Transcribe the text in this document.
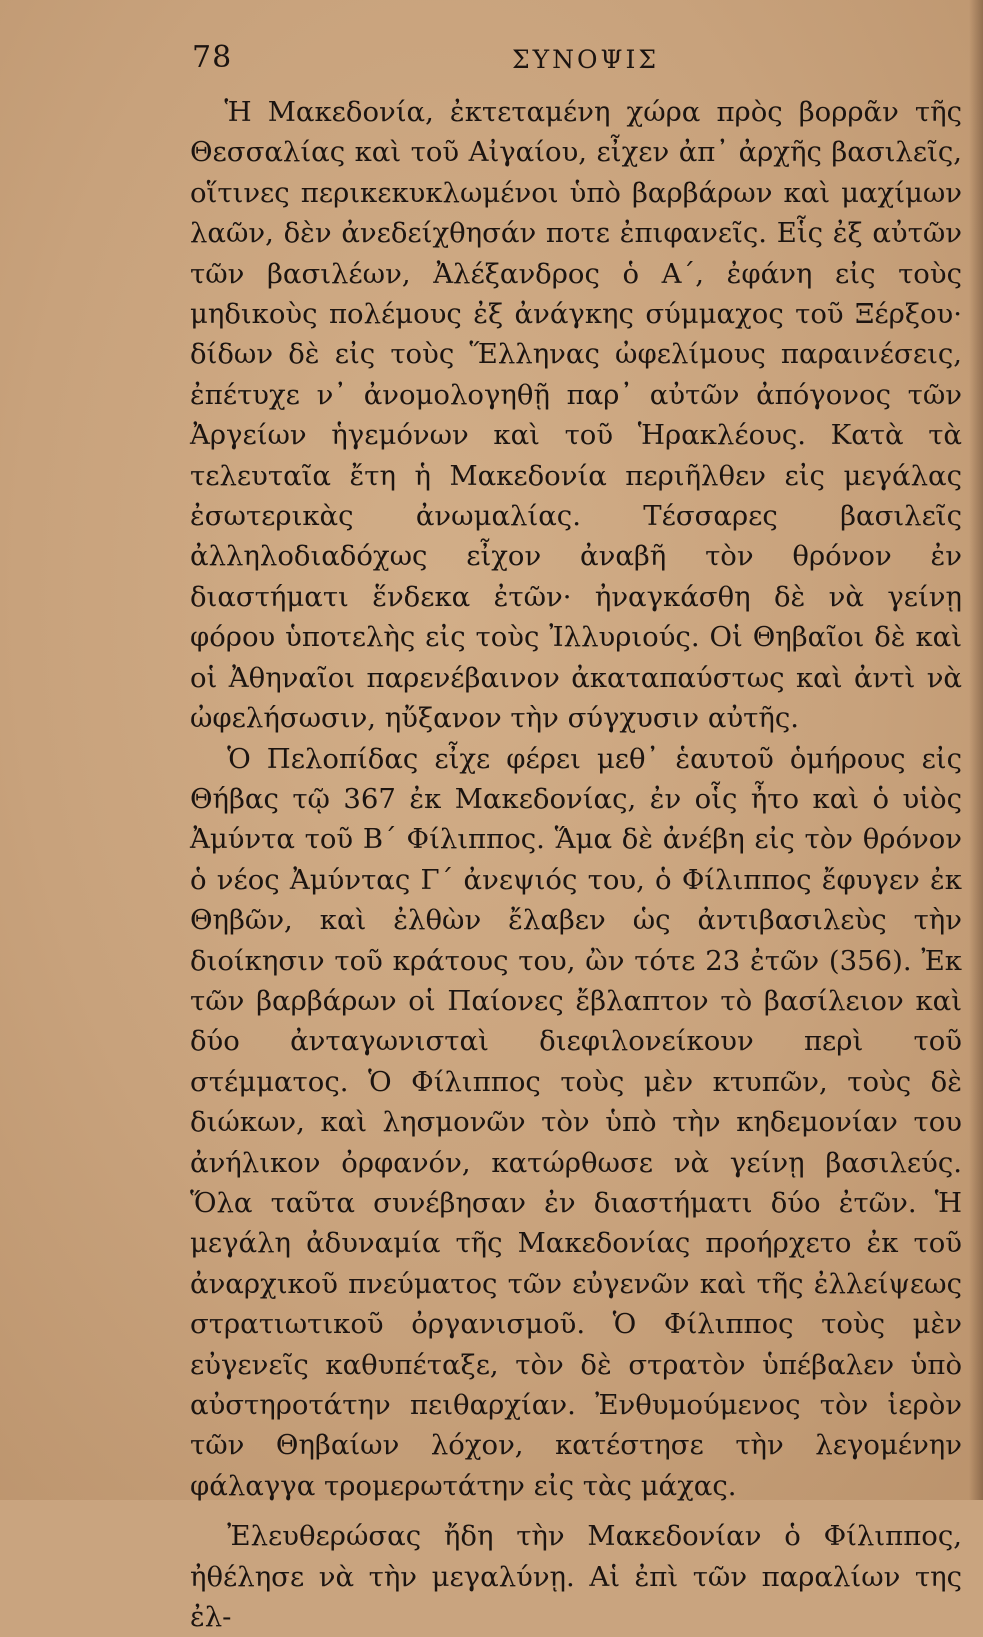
78	ΣΥΝΟΨΙΣ

Ἡ Μακεδονία, ἐκτεταμένη χώρα πρὸς βορρᾶν τῆς Θεσσαλίας καὶ τοῦ Αἰγαίου, εἶχεν ἀπ᾽ ἀρχῆς βασιλεῖς, οἵτινες περικεκυκλωμένοι ὑπὸ βαρβάρων καὶ μαχίμων λαῶν, δὲν ἀνεδείχθησάν ποτε ἐπιφανεῖς. Εἷς ἐξ αὐτῶν τῶν βασιλέων, Ἀλέξανδρος ὁ Α΄, ἐφάνη εἰς τοὺς μηδικοὺς πολέμους ἐξ ἀνάγκης σύμμαχος τοῦ Ξέρξου· δίδων δὲ εἰς τοὺς Ἕλληνας ὠφελίμους παραινέσεις, ἐπέτυχε ν᾽ ἀνομολογηθῇ παρ᾽ αὐτῶν ἀπόγονος τῶν Ἀργείων ἡγεμόνων καὶ τοῦ Ἡρακλέους. Κατὰ τὰ τελευταῖα ἔτη ἡ Μακεδονία περιῆλθεν εἰς μεγάλας ἐσωτερικὰς ἀνωμαλίας. Τέσσαρες βασιλεῖς ἀλληλοδιαδόχως εἶχον ἀναβῆ τὸν θρόνον ἐν διαστήματι ἕνδεκα ἐτῶν· ἠναγκάσθη δὲ νὰ γείνῃ φόρου ὑποτελὴς εἰς τοὺς Ἰλλυριούς. Οἱ Θηβαῖοι δὲ καὶ οἱ Ἀθηναῖοι παρενέβαινον ἀκαταπαύστως καὶ ἀντὶ νὰ ὠφελήσωσιν, ηὔξανον τὴν σύγχυσιν αὐτῆς.

Ὁ Πελοπίδας εἶχε φέρει μεθ᾽ ἑαυτοῦ ὁμήρους εἰς Θήβας τῷ 367 ἐκ Μακεδονίας, ἐν οἷς ἦτο καὶ ὁ υἱὸς Ἀμύντα τοῦ Β΄ Φίλιππος. Ἅμα δὲ ἀνέβη εἰς τὸν θρόνον ὁ νέος Ἀμύντας Γ΄ ἀνεψιός του, ὁ Φίλιππος ἔφυγεν ἐκ Θηβῶν, καὶ ἐλθὼν ἔλαβεν ὡς ἀντιβασιλεὺς τὴν διοίκησιν τοῦ κράτους του, ὢν τότε 23 ἐτῶν (356). Ἐκ τῶν βαρβάρων οἱ Παίονες ἔβλαπτον τὸ βασίλειον καὶ δύο ἀνταγωνισταὶ διεφιλονείκουν περὶ τοῦ στέμματος. Ὁ Φίλιππος τοὺς μὲν κτυπῶν, τοὺς δὲ διώκων, καὶ λησμονῶν τὸν ὑπὸ τὴν κηδεμονίαν του ἀνήλικον ὀρφανόν, κατώρθωσε νὰ γείνῃ βασιλεύς. Ὅλα ταῦτα συνέβησαν ἐν διαστήματι δύο ἐτῶν. Ἡ μεγάλη ἀδυναμία τῆς Μακεδονίας προήρχετο ἐκ τοῦ ἀναρχικοῦ πνεύματος τῶν εὐγενῶν καὶ τῆς ἐλλείψεως στρατιωτικοῦ ὀργανισμοῦ. Ὁ Φίλιππος τοὺς μὲν εὐγενεῖς καθυπέταξε, τὸν δὲ στρατὸν ὑπέβαλεν ὑπὸ αὐστηροτάτην πειθαρχίαν. Ἐνθυμούμενος τὸν ἱερὸν τῶν Θηβαίων λόχον, κατέστησε τὴν λεγομένην φάλαγγα τρομερωτάτην εἰς τὰς μάχας.

Ἐλευθερώσας ἤδη τὴν Μακεδονίαν ὁ Φίλιππος, ἠθέλησε νὰ τὴν μεγαλύνῃ. Αἱ ἐπὶ τῶν παραλίων της ἐλ-
